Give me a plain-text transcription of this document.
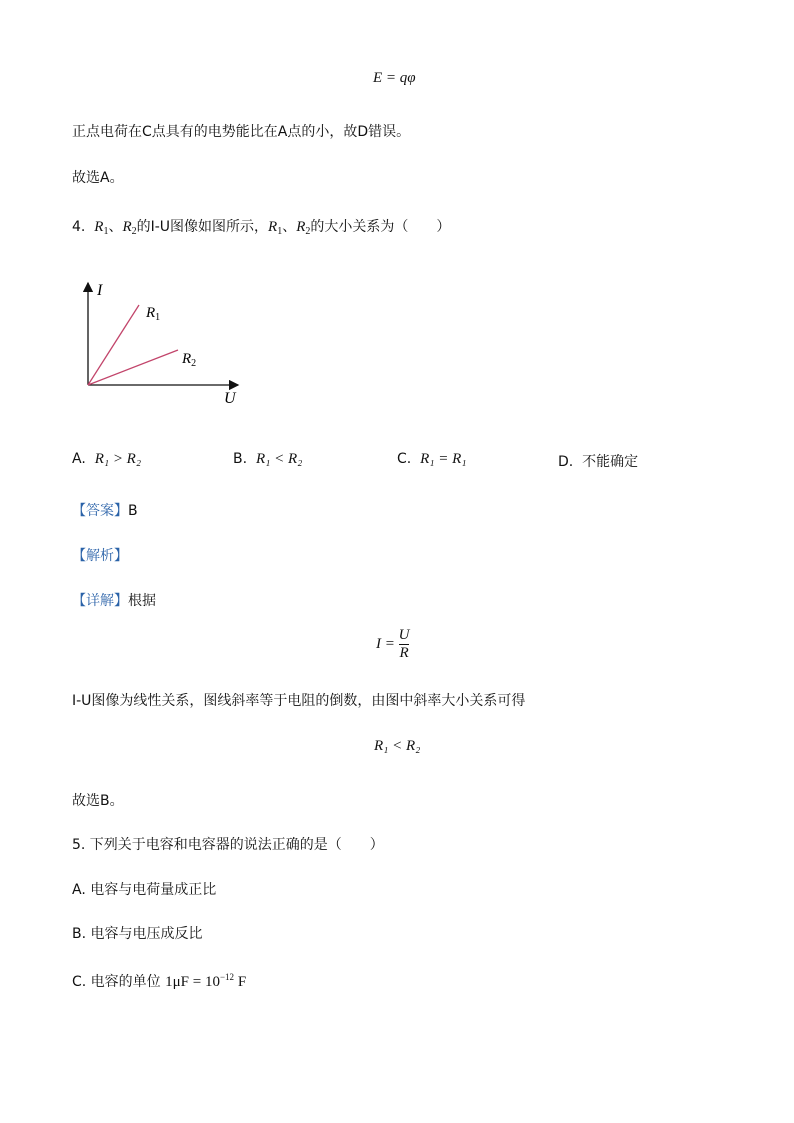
E = qφ
正点电荷在C点具有的电势能比在A点的小，故D错误。
故选A。
4. $R_1$、$R_2$的I-U图像如图所示，$R_1$、$R_2$的大小关系为（　　）
I
U
$R_1$
$R_2$
A. R₁ > R₂	B. R₁ < R₂	C. R₁ = R₁	D. 不能确定
【答案】B
【解析】
【详解】根据
$I = \frac{U}{R}$
I-U图像为线性关系，图线斜率等于电阻的倒数，由图中斜率大小关系可得
R₁ < R₂
故选B。
5. 下列关于电容和电容器的说法正确的是（　　）
A. 电容与电荷量成正比
B. 电容与电压成反比
C. 电容的单位 $1\mu F = 10^{-12}$ F
